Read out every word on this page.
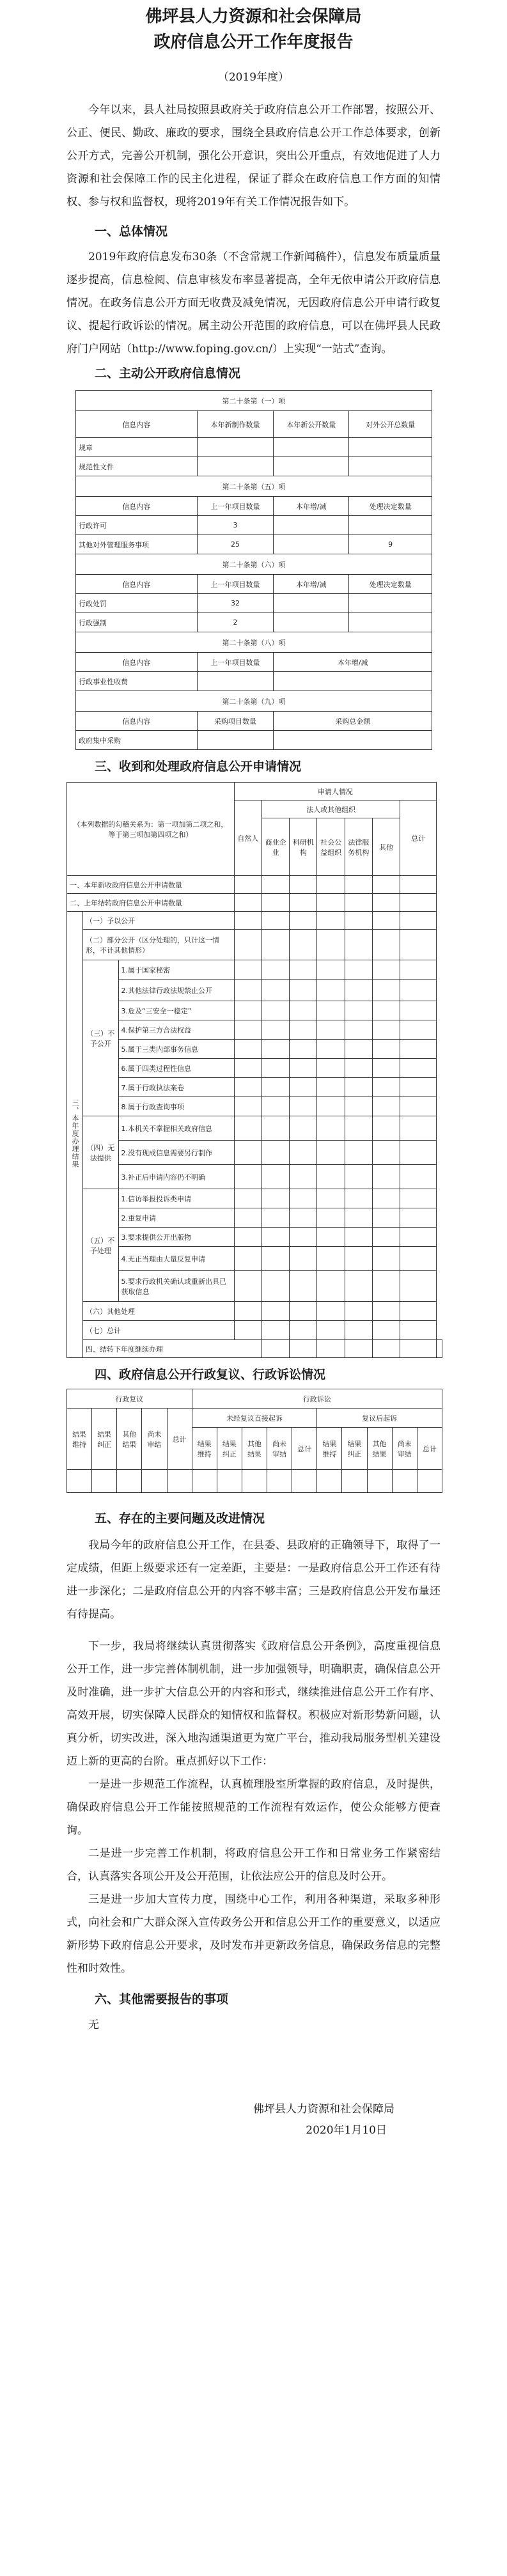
佛坪县人力资源和社会保障局
政府信息公开工作年度报告
（2019年度）

今年以来，县人社局按照县政府关于政府信息公开工作部署，按照公开、公正、便民、勤政、廉政的要求，围绕全县政府信息公开工作总体要求，创新公开方式，完善公开机制，强化公开意识，突出公开重点，有效地促进了人力资源和社会保障工作的民主化进程，保证了群众在政府信息工作方面的知情权、参与权和监督权，现将2019年有关工作情况报告如下。

一、总体情况

2019年政府信息发布30条（不含常规工作新闻稿件），信息发布质量质量逐步提高，信息检阅、信息审核发布率显著提高，全年无依申请公开政府信息情况。在政务信息公开方面无收费及减免情况，无因政府信息公开申请行政复议、提起行政诉讼的情况。属主动公开范围的政府信息，可以在佛坪县人民政府门户网站（http://www.foping.gov.cn/）上实现“一站式”查询。

二、主动公开政府信息情况

第二十条第（一）项			
信息内容	本年新制作数量	本年新公开数量	对外公开总数量
规章			
规范性文件			
第二十条第（五）项			
信息内容	上一年项目数量	本年增/减	处理决定数量
行政许可	3		
其他对外管理服务事项	25		9
第二十条第（六）项			
信息内容	上一年项目数量	本年增/减	处理决定数量
行政处罚	32		
行政强制	2		
第二十条第（八）项			
信息内容	上一年项目数量	本年增/减	
行政事业性收费			
第二十条第（九）项			
信息内容	采购项目数量	采购总金额	
政府集中采购			

三、收到和处理政府信息公开申请情况

（本列数据的勾稽关系为：第一项加第二项之和，等于第三项加第四项之和）			申请人情况							
			自然人	法人或其他组织					总计	
				商业企业	科研机构	社会公益组织	法律服务机构	其他		
一、本年新收政府信息公开申请数量										
二、上年结转政府信息公开申请数量										
三、本年度办理结果	（一）予以公开									
	（二）部分公开（区分处理的，只计这一情形，不计其他情形）									
	（三）不予公开	1.属于国家秘密								
		2.其他法律行政法规禁止公开								
		3.危及“三安全一稳定”								
		4.保护第三方合法权益								
		5.属于三类内部事务信息								
		6.属于四类过程性信息								
		7.属于行政执法案卷								
		8.属于行政查询事项								
	（四）无法提供	1.本机关不掌握相关政府信息								
		2.没有现成信息需要另行制作								
		3.补正后申请内容仍不明确								
	（五）不予处理	1.信访举报投诉类申请								
		2.重复申请								
		3.要求提供公开出版物								
		4.无正当理由大量反复申请								
		5.要求行政机关确认或重新出具已获取信息								
	（六）其他处理									
	（七）总计									
	四、结转下年度继续办理									

四、政府信息公开行政复议、行政诉讼情况

行政复议					行政诉讼									
结果维持	结果纠正	其他结果	尚未审结	总计	未经复议直接起诉					复议后起诉				
					结果维持	结果纠正	其他结果	尚未审结	总计	结果维持	结果纠正	其他结果	尚未审结	总计

五、存在的主要问题及改进情况

我局今年的政府信息公开工作，在县委、县政府的正确领导下，取得了一定成绩，但距上级要求还有一定差距，主要是：一是政府信息公开工作还有待进一步深化；二是政府信息公开的内容不够丰富；三是政府信息公开发布量还有待提高。

下一步，我局将继续认真贯彻落实《政府信息公开条例》，高度重视信息公开工作，进一步完善体制机制，进一步加强领导，明确职责，确保信息公开及时准确，进一步扩大信息公开的内容和形式，继续推进信息公开工作有序、高效开展，切实保障人民群众的知情权和监督权。积极应对新形势新问题，认真分析，切实改进，深入地沟通渠道更为宽广平台，推动我局服务型机关建设迈上新的更高的台阶。重点抓好以下工作：

一是进一步规范工作流程，认真梳理股室所掌握的政府信息，及时提供，确保政府信息公开工作能按照规范的工作流程有效运作，使公众能够方便查询。

二是进一步完善工作机制，将政府信息公开工作和日常业务工作紧密结合，认真落实各项公开及公开范围，让依法应公开的信息及时公开。

三是进一步加大宣传力度，围绕中心工作，利用各种渠道，采取多种形式，向社会和广大群众深入宣传政务公开和信息公开工作的重要意义，以适应新形势下政府信息公开要求，及时发布并更新政务信息，确保政务信息的完整性和时效性。

六、其他需要报告的事项

无

佛坪县人力资源和社会保障局
2020年1月10日
